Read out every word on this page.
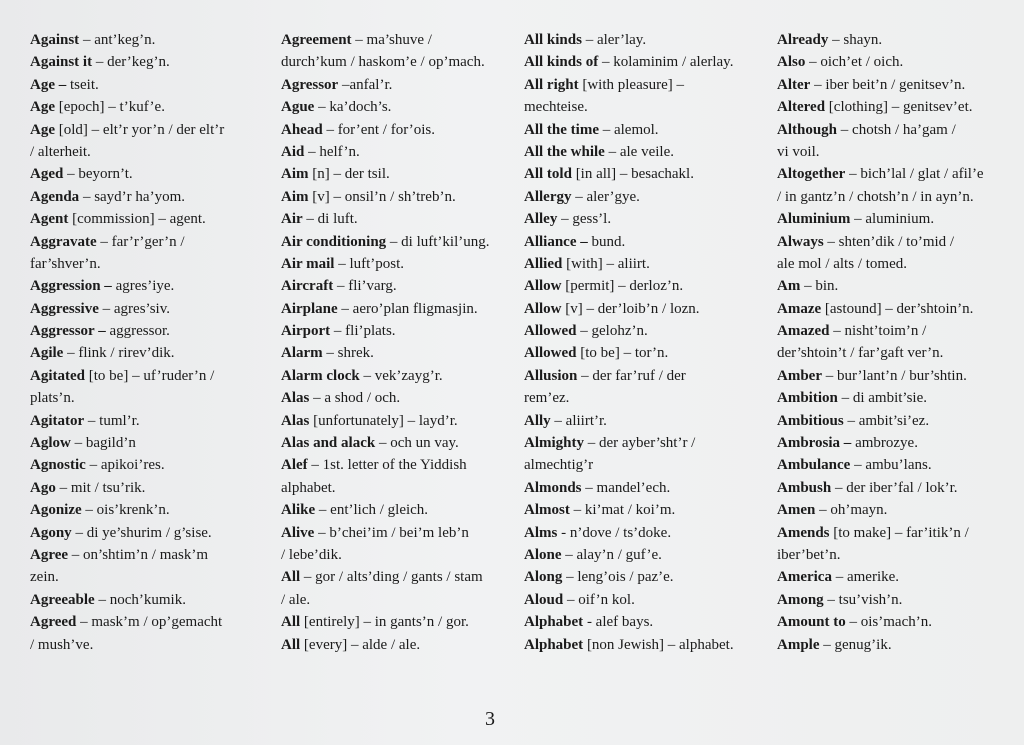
Against – ant’keg’n.
Against it – der’keg’n.
Age – tseit.
Age [epoch] – t’kuf’e.
Age [old] – elt’r yor’n / der elt’r
/ alterheit.
Aged – beyorn’t.
Agenda – sayd’r ha’yom.
Agent [commission] – agent.
Aggravate – far’r’ger’n /
far’shver’n.
Aggression – agres’iye.
Aggressive – agres’siv.
Aggressor – aggressor.
Agile – flink / rirev’dik.
Agitated [to be] – uf’ruder’n /
plats’n.
Agitator – tuml’r.
Aglow – bagild’n
Agnostic – apikoi’res.
Ago – mit / tsu’rik.
Agonize – ois’krenk’n.
Agony – di ye’shurim / g’sise.
Agree – on’shtim’n / mask’m
zein.
Agreeable – noch’kumik.
Agreed – mask’m / op’gemacht
/ mush’ve.
Agreement – ma’shuve /
durch’kum / haskom’e / op’mach.
Agressor –anfal’r.
Ague – ka’doch’s.
Ahead – for’ent / for’ois.
Aid – helf’n.
Aim [n] – der tsil.
Aim [v] – onsil’n / sh’treb’n.
Air – di luft.
Air conditioning – di luft’kil’ung.
Air mail – luft’post.
Aircraft – fli’varg.
Airplane – aero’plan fligmasjin.
Airport – fli’plats.
Alarm – shrek.
Alarm clock – vek’zayg’r.
Alas – a shod / och.
Alas [unfortunately] – layd’r.
Alas and alack – och un vay.
Alef – 1st. letter of the Yiddish
alphabet.
Alike – ent’lich / gleich.
Alive – b’chei’im / bei’m leb’n
/ lebe’dik.
All – gor / alts’ding / gants / stam
/ ale.
All [entirely] – in gants’n / gor.
All [every] – alde / ale.
All kinds – aler’lay.
All kinds of – kolaminim / alerlay.
All right [with pleasure] –
mechteise.
All the time – alemol.
All the while – ale veile.
All told [in all] – besachakl.
Allergy – aler’gye.
Alley – gess’l.
Alliance – bund.
Allied [with] – aliirt.
Allow [permit] – derloz’n.
Allow [v] – der’loib’n / lozn.
Allowed – gelohz’n.
Allowed [to be] – tor’n.
Allusion – der far’ruf / der
rem’ez.
Ally – aliirt’r.
Almighty – der ayber’sht’r /
almechtig’r
Almonds – mandel’ech.
Almost – ki’mat / koi’m.
Alms - n’dove / ts’doke.
Alone – alay’n / guf’e.
Along – leng’ois / paz’e.
Aloud – oif’n kol.
Alphabet - alef bays.
Alphabet [non Jewish] – alphabet.
Already – shayn.
Also – oich’et / oich.
Alter – iber beit’n / genitsev’n.
Altered [clothing] – genitsev’et.
Although – chotsh / ha’gam /
vi voil.
Altogether – bich’lal / glat / afil’e
/ in gantz’n / chotsh’n / in ayn’n.
Aluminium – aluminium.
Always – shten’dik / to’mid /
ale mol / alts / tomed.
Am – bin.
Amaze [astound] – der’shtoin’n.
Amazed – nisht’toim’n /
der’shtoin’t / far’gaft ver’n.
Amber – bur’lant’n / bur’shtin.
Ambition – di ambit’sie.
Ambitious – ambit’si’ez.
Ambrosia – ambrozye.
Ambulance – ambu’lans.
Ambush – der iber’fal / lok’r.
Amen – oh’mayn.
Amends [to make] – far’itik’n /
iber’bet’n.
America – amerike.
Among – tsu’vish’n.
Amount to – ois’mach’n.
Ample – genug’ik.
3
